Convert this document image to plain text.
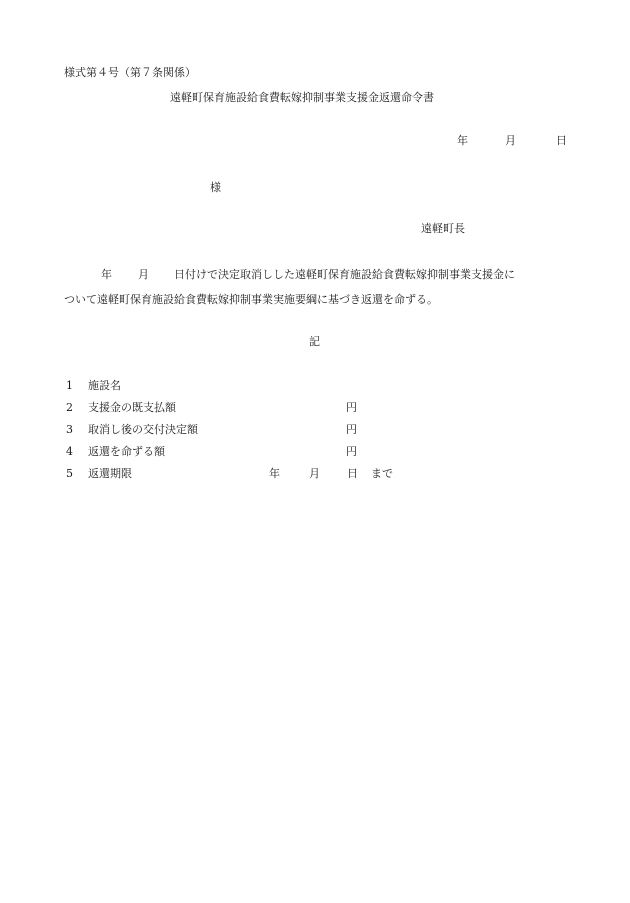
様式第４号（第７条関係）
遠軽町保育施設給食費転嫁抑制事業支援金返還命令書
年	月	日
様
遠軽町長
年 月 日付けで決定取消しした遠軽町保育施設給食費転嫁抑制事業支援金に
ついて遠軽町保育施設給食費転嫁抑制事業実施要綱に基づき返還を命ずる。
記
1 施設名
2 支援金の既支払額	円
3 取消し後の交付決定額	円
4 返還を命ずる額	円
5 返還期限	年	月 日 まで
